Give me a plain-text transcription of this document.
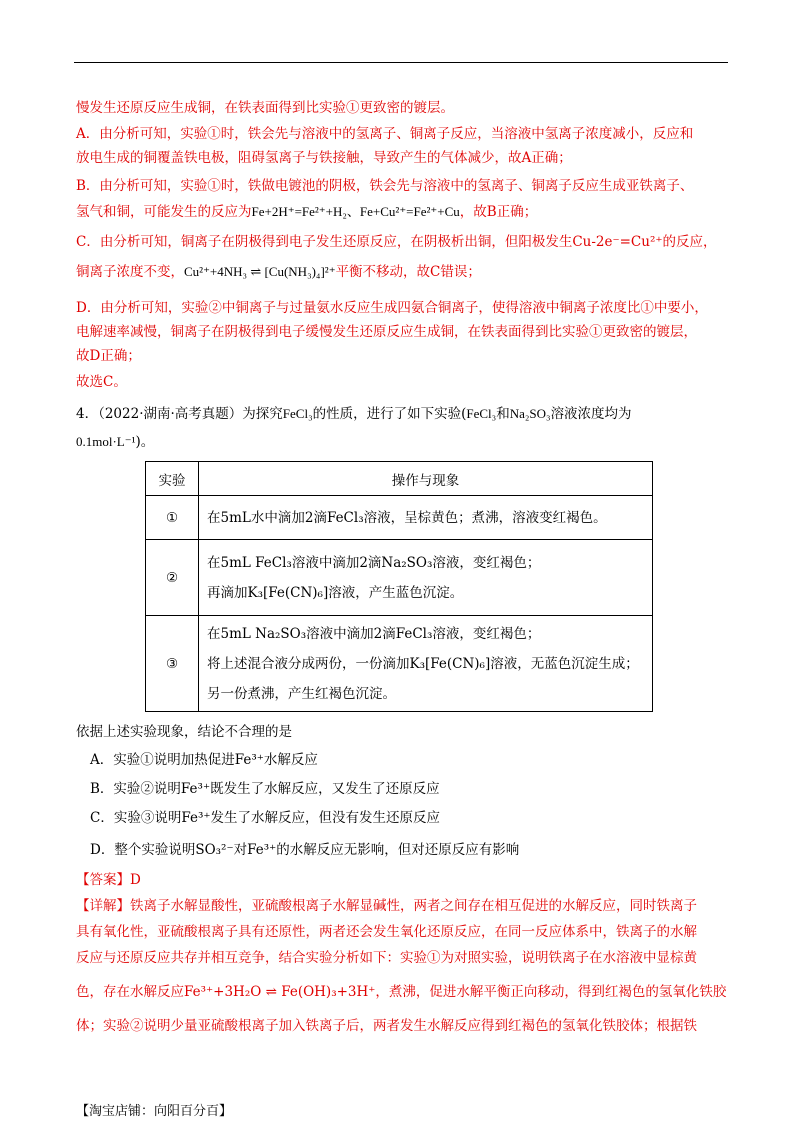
慢发生还原反应生成铜，在铁表面得到比实验①更致密的镀层。
A．由分析可知，实验①时，铁会先与溶液中的氢离子、铜离子反应，当溶液中氢离子浓度减小，反应和
放电生成的铜覆盖铁电极，阻碍氢离子与铁接触，导致产生的气体减少，故A正确；
B．由分析可知，实验①时，铁做电镀池的阴极，铁会先与溶液中的氢离子、铜离子反应生成亚铁离子、
氢气和铜，可能发生的反应为Fe+2H⁺=Fe²⁺+H₂、Fe+Cu²⁺=Fe²⁺+Cu，故B正确；
C．由分析可知，铜离子在阴极得到电子发生还原反应，在阴极析出铜，但阳极发生Cu-2e⁻=Cu²⁺的反应，
铜离子浓度不变，Cu²⁺+4NH₃ ⇌ [Cu(NH₃)₄]²⁺平衡不移动，故C错误；
D．由分析可知，实验②中铜离子与过量氨水反应生成四氨合铜离子，使得溶液中铜离子浓度比①中要小，
电解速率减慢，铜离子在阴极得到电子缓慢发生还原反应生成铜，在铁表面得到比实验①更致密的镀层，
故D正确；
故选C。
4．（2022·湖南·高考真题）为探究FeCl₃的性质，进行了如下实验(FeCl₃和Na₂SO₃溶液浓度均为
0.1mol·L⁻¹)。
实验	操作与现象
①	在5mL水中滴加2滴FeCl₃溶液，呈棕黄色；煮沸，溶液变红褐色。

②	在5mL FeCl₃溶液中滴加2滴Na₂SO₃溶液，变红褐色；
再滴加K₃[Fe(CN)₆]溶液，产生蓝色沉淀。

③	在5mL Na₂SO₃溶液中滴加2滴FeCl₃溶液，变红褐色；
将上述混合液分成两份，一份滴加K₃[Fe(CN)₆]溶液，无蓝色沉淀生成；
另一份煮沸，产生红褐色沉淀。
依据上述实验现象，结论不合理的是
A．实验①说明加热促进Fe³⁺水解反应
B．实验②说明Fe³⁺既发生了水解反应，又发生了还原反应
C．实验③说明Fe³⁺发生了水解反应，但没有发生还原反应
D．整个实验说明SO₃²⁻对Fe³⁺的水解反应无影响，但对还原反应有影响
【答案】D
【详解】铁离子水解显酸性，亚硫酸根离子水解显碱性，两者之间存在相互促进的水解反应，同时铁离子
具有氧化性，亚硫酸根离子具有还原性，两者还会发生氧化还原反应，在同一反应体系中，铁离子的水解
反应与还原反应共存并相互竞争，结合实验分析如下：实验①为对照实验，说明铁离子在水溶液中显棕黄
色，存在水解反应Fe³⁺+3H₂O ⇌ Fe(OH)₃+3H⁺，煮沸，促进水解平衡正向移动，得到红褐色的氢氧化铁胶
体；实验②说明少量亚硫酸根离子加入铁离子后，两者发生水解反应得到红褐色的氢氧化铁胶体；根据铁
【淘宝店铺：向阳百分百】
